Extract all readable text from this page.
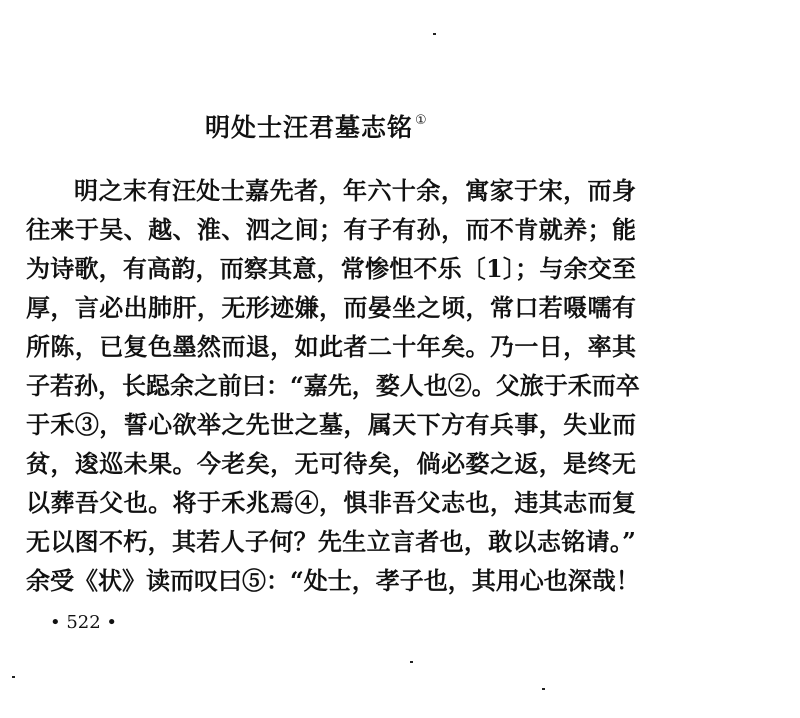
明处士汪君墓志铭 ①
明之末有汪处士嘉先者，年六十余，寓家于宋，而身
往来于吴、越、淮、泗之间；有子有孙，而不肯就养；能
为诗歌，有高韵，而察其意，常惨怛不乐〔1〕；与余交至
厚，言必出肺肝，无形迹嫌，而晏坐之顷，常口若嗫嚅有
所陈，已复色墨然而退，如此者二十年矣。乃一日，率其
子若孙，长跽余之前曰：“嘉先，婺人也②。父旅于禾而卒
于禾③，誓心欲举之先世之墓，属天下方有兵事，失业而
贫，逡巡未果。今老矣，无可待矣，倘必婺之返，是终无
以葬吾父也。将于禾兆焉④，惧非吾父志也，违其志而复
无以图不朽，其若人子何？先生立言者也，敢以志铭请。”
余受《状》读而叹曰⑤：“处士，孝子也，其用心也深哉！
• 522 •
